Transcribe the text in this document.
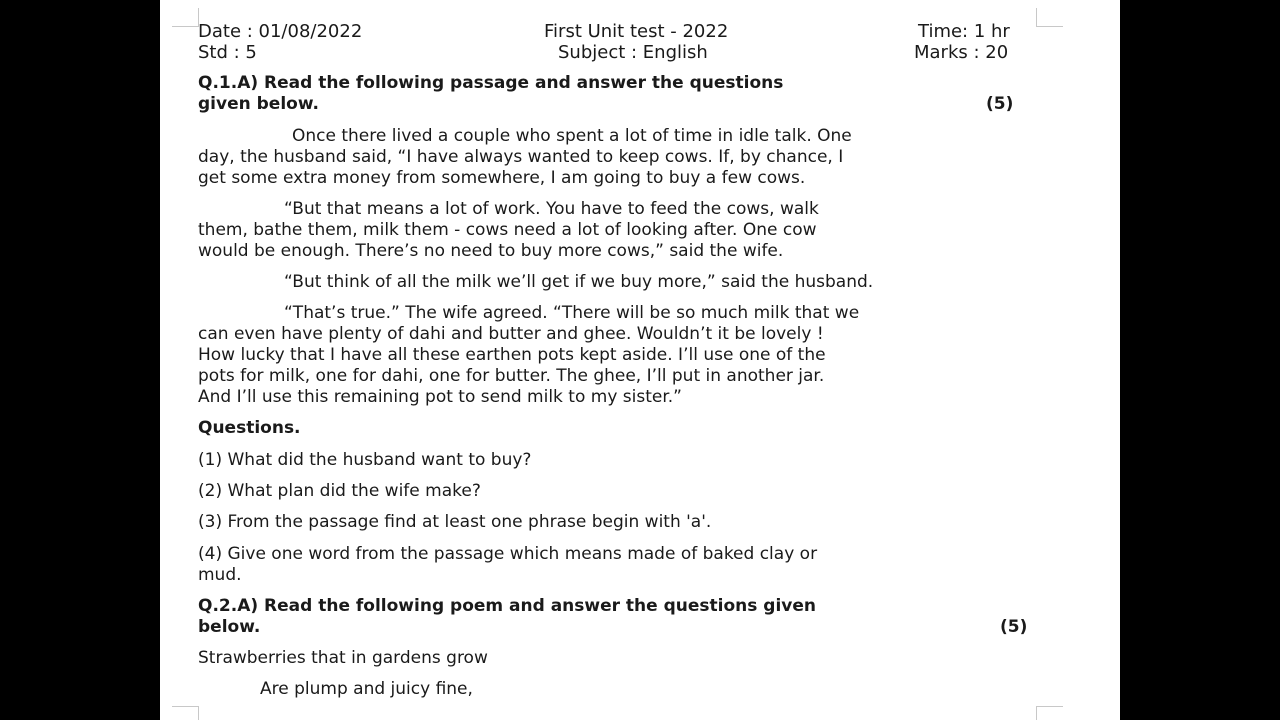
Date : 01/08/2022
Std : 5
First Unit test - 2022
Subject : English
Time: 1 hr
Marks : 20
Q.1.A) Read the following passage and answer the questions
given below.	(5)
Once there lived a couple who spent a lot of time in idle talk. One
day, the husband said, “I have always wanted to keep cows. If, by chance, I
get some extra money from somewhere, I am going to buy a few cows.
“But that means a lot of work. You have to feed the cows, walk
them, bathe them, milk them - cows need a lot of looking after. One cow
would be enough. There’s no need to buy more cows,” said the wife.
“But think of all the milk we’ll get if we buy more,” said the husband.
“That’s true.” The wife agreed. “There will be so much milk that we
can even have plenty of dahi and butter and ghee. Wouldn’t it be lovely !
How lucky that I have all these earthen pots kept aside. I’ll use one of the
pots for milk, one for dahi, one for butter. The ghee, I’ll put in another jar.
And I’ll use this remaining pot to send milk to my sister.”
Questions.
(1) What did the husband want to buy?
(2) What plan did the wife make?
(3) From the passage find at least one phrase begin with 'a'.
(4) Give one word from the passage which means made of baked clay or
mud.
Q.2.A) Read the following poem and answer the questions given
below.	(5)
Strawberries that in gardens grow
Are plump and juicy fine,
